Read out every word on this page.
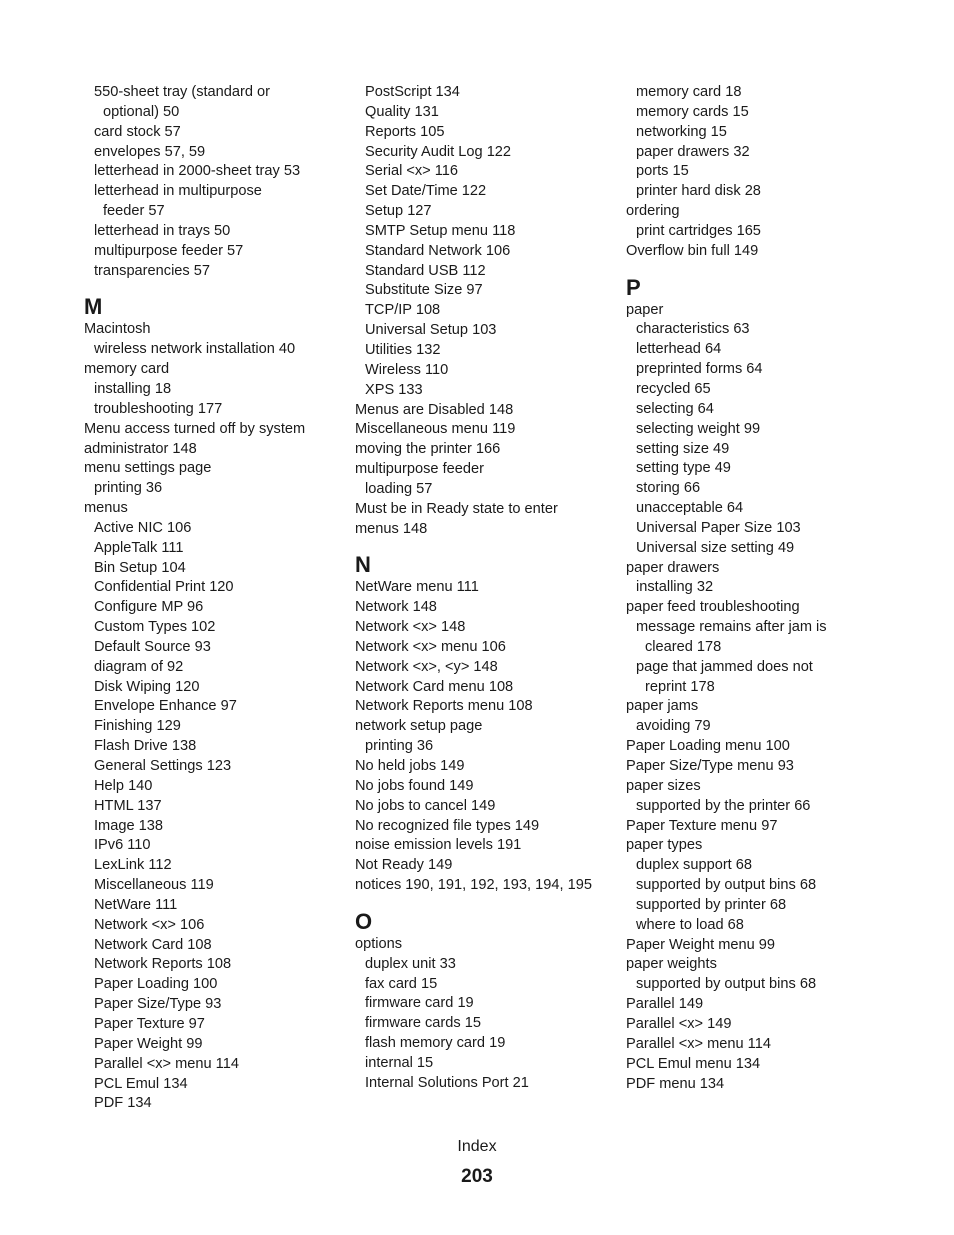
550-sheet tray (standard or
optional) 50
card stock 57
envelopes 57, 59
letterhead in 2000-sheet tray 53
letterhead in multipurpose
feeder 57
letterhead in trays 50
multipurpose feeder 57
transparencies 57
M
Macintosh
wireless network installation 40
memory card
installing 18
troubleshooting 177
Menu access turned off by system
administrator 148
menu settings page
printing 36
menus
Active NIC 106
AppleTalk 111
Bin Setup 104
Confidential Print 120
Configure MP 96
Custom Types 102
Default Source 93
diagram of 92
Disk Wiping 120
Envelope Enhance 97
Finishing 129
Flash Drive 138
General Settings 123
Help 140
HTML 137
Image 138
IPv6 110
LexLink 112
Miscellaneous 119
NetWare 111
Network <x> 106
Network Card 108
Network Reports 108
Paper Loading 100
Paper Size/Type 93
Paper Texture 97
Paper Weight 99
Parallel <x> menu 114
PCL Emul 134
PDF 134
PostScript 134
Quality 131
Reports 105
Security Audit Log 122
Serial <x> 116
Set Date/Time 122
Setup 127
SMTP Setup menu 118
Standard Network 106
Standard USB 112
Substitute Size 97
TCP/IP 108
Universal Setup 103
Utilities 132
Wireless 110
XPS 133
Menus are Disabled 148
Miscellaneous menu 119
moving the printer 166
multipurpose feeder
loading 57
Must be in Ready state to enter
menus 148
N
NetWare menu 111
Network 148
Network <x> 148
Network <x> menu 106
Network <x>, <y> 148
Network Card menu 108
Network Reports menu 108
network setup page
printing 36
No held jobs 149
No jobs found 149
No jobs to cancel 149
No recognized file types 149
noise emission levels 191
Not Ready 149
notices 190, 191, 192, 193, 194, 195
O
options
duplex unit 33
fax card 15
firmware card 19
firmware cards 15
flash memory card 19
internal 15
Internal Solutions Port 21
memory card 18
memory cards 15
networking 15
paper drawers 32
ports 15
printer hard disk 28
ordering
print cartridges 165
Overflow bin full 149
P
paper
characteristics 63
letterhead 64
preprinted forms 64
recycled 65
selecting 64
selecting weight 99
setting size 49
setting type 49
storing 66
unacceptable 64
Universal Paper Size 103
Universal size setting 49
paper drawers
installing 32
paper feed troubleshooting
message remains after jam is
cleared 178
page that jammed does not
reprint 178
paper jams
avoiding 79
Paper Loading menu 100
Paper Size/Type menu 93
paper sizes
supported by the printer 66
Paper Texture menu 97
paper types
duplex support 68
supported by output bins 68
supported by printer 68
where to load 68
Paper Weight menu 99
paper weights
supported by output bins 68
Parallel 149
Parallel <x> 149
Parallel <x> menu 114
PCL Emul menu 134
PDF menu 134
Index
203
